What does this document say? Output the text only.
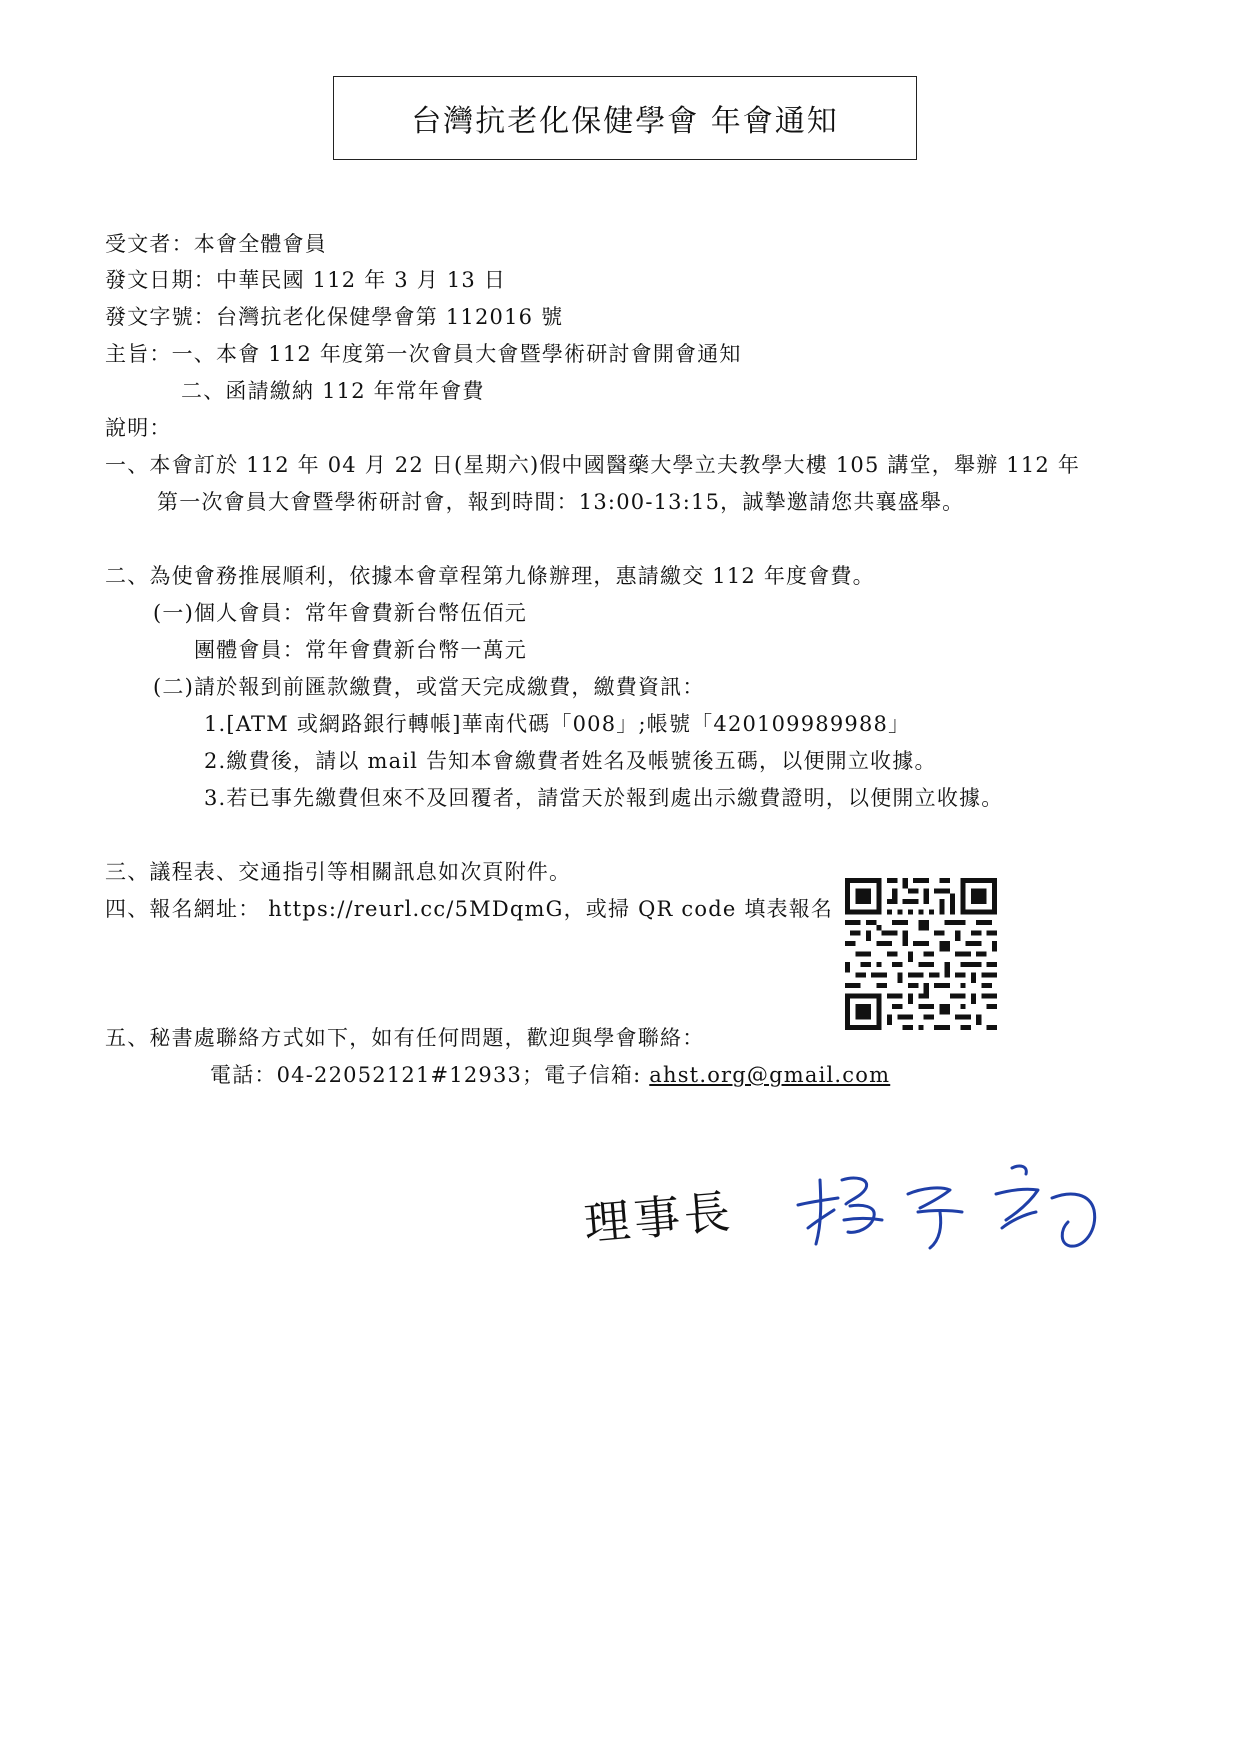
台灣抗老化保健學會 年會通知
受文者：本會全體會員
發文日期：中華民國 112 年 3 月 13 日
發文字號：台灣抗老化保健學會第 112016 號
主旨：一、本會 112 年度第一次會員大會暨學術研討會開會通知
二、函請繳納 112 年常年會費
說明：
一、本會訂於 112 年 04 月 22 日(星期六)假中國醫藥大學立夫教學大樓 105 講堂，舉辦 112 年
第一次會員大會暨學術研討會，報到時間：13:00-13:15，誠摯邀請您共襄盛舉。
二、為使會務推展順利，依據本會章程第九條辦理，惠請繳交 112 年度會費。
(一)個人會員：常年會費新台幣伍佰元
團體會員：常年會費新台幣一萬元
(二)請於報到前匯款繳費，或當天完成繳費，繳費資訊：
1.[ATM 或網路銀行轉帳]華南代碼「008」;帳號「420109989988」
2.繳費後，請以 mail 告知本會繳費者姓名及帳號後五碼，以便開立收據。
3.若已事先繳費但來不及回覆者，請當天於報到處出示繳費證明，以便開立收據。
三、議程表、交通指引等相關訊息如次頁附件。
四、報名網址： https://reurl.cc/5MDqmG，或掃 QR code 填表報名
五、秘書處聯絡方式如下，如有任何問題，歡迎與學會聯絡：
電話：04-22052121#12933；電子信箱: ahst.org@gmail.com
理事長
